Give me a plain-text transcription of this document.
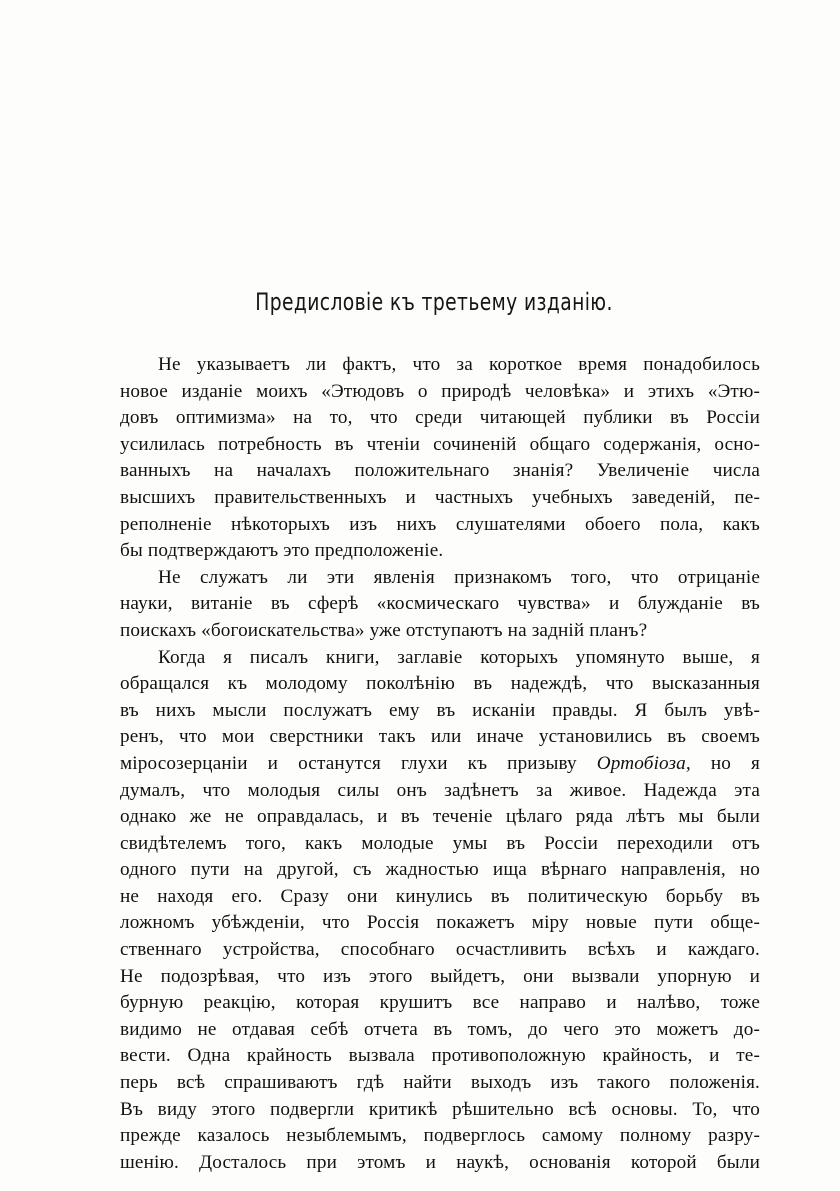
Предисловіе къ третьему изданію.
Не указываетъ ли фактъ, что за короткое время понадобилось
новое изданіе моихъ «Этюдовъ о природѣ человѣка» и этихъ «Этю-
довъ оптимизма» на то, что среди читающей публики въ Россіи
усилилась потребность въ чтеніи сочиненій общаго содержанія, осно-
ванныхъ на началахъ положительнаго знанія? Увеличеніе числа
высшихъ правительственныхъ и частныхъ учебныхъ заведеній, пе-
реполненіе нѣкоторыхъ изъ нихъ слушателями обоего пола, какъ
бы подтверждаютъ это предположеніе.
Не служатъ ли эти явленія признакомъ того, что отрицаніе
науки, витаніе въ сферѣ «космическаго чувства» и блужданіе въ
поискахъ «богоискательства» уже отступаютъ на задній планъ?
Когда я писалъ книги, заглавіе которыхъ упомянуто выше, я
обращался къ молодому поколѣнію въ надеждѣ, что высказанныя
въ нихъ мысли послужатъ ему въ исканіи правды. Я былъ увѣ-
ренъ, что мои сверстники такъ или иначе установились въ своемъ
міросозерцаніи и останутся глухи къ призыву Ортобіоза, но я
думалъ, что молодыя силы онъ задѣнетъ за живое. Надежда эта
однако же не оправдалась, и въ теченіе цѣлаго ряда лѣтъ мы были
свидѣтелемъ того, какъ молодые умы въ Россіи переходили отъ
одного пути на другой, съ жадностью ища вѣрнаго направленія, но
не находя его. Сразу они кинулись въ политическую борьбу въ
ложномъ убѣжденіи, что Россія покажетъ міру новые пути обще-
ственнаго устройства, способнаго осчастливить всѣхъ и каждаго.
Не подозрѣвая, что изъ этого выйдетъ, они вызвали упорную и
бурную реакцію, которая крушитъ все направо и налѣво, тоже
видимо не отдавая себѣ отчета въ томъ, до чего это можетъ до-
вести. Одна крайность вызвала противоположную крайность, и те-
перь всѣ спрашиваютъ гдѣ найти выходъ изъ такого положенія.
Въ виду этого подвергли критикѣ рѣшительно всѣ основы. То, что
прежде казалось незыблемымъ, подверглось самому полному разру-
шенію. Досталось при этомъ и наукѣ, основанія которой были
